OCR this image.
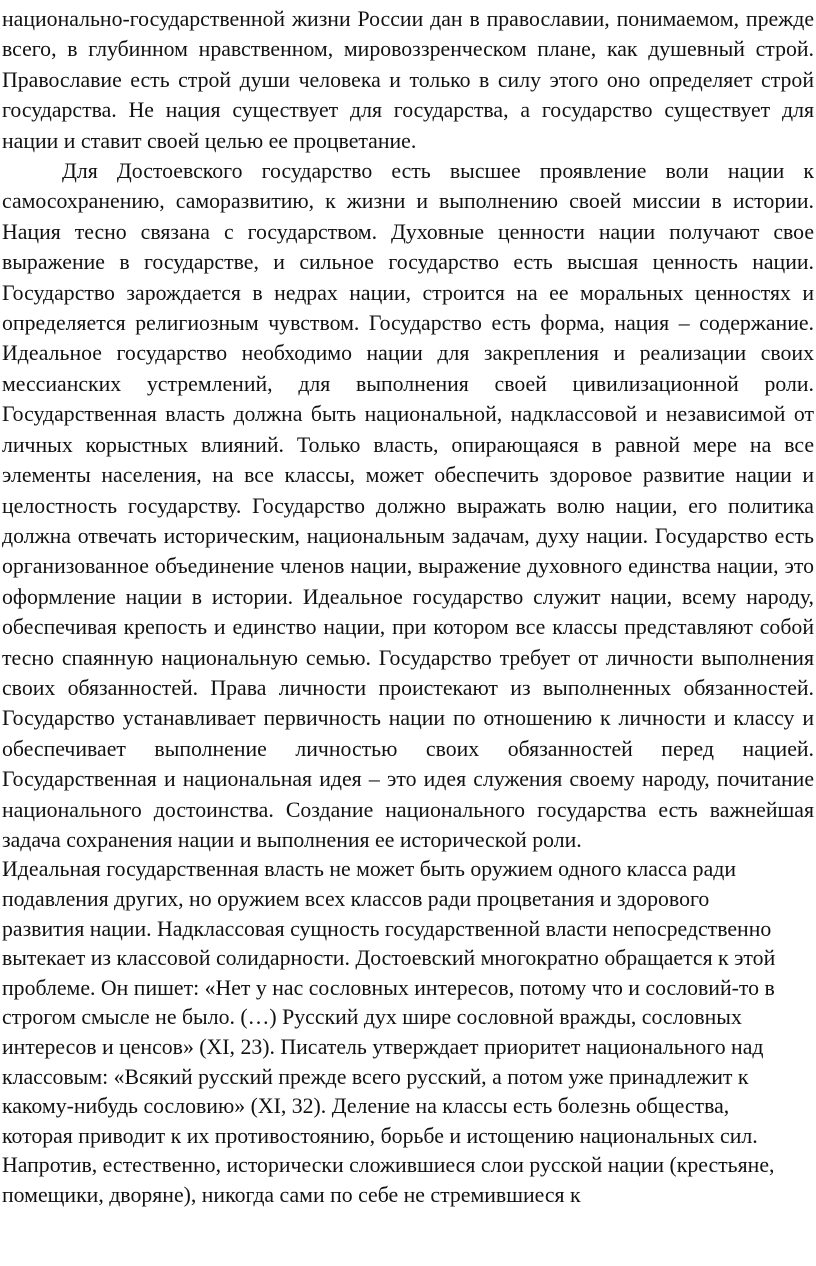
национально-государственной жизни России дан в православии, понимаемом, прежде всего, в глубинном нравственном, мировоззренческом плане, как душевный строй. Православие есть строй души человека и только в силу этого оно определяет строй государства. Не нация существует для государства, а государство существует для нации и ставит своей целью ее процветание.

Для Достоевского государство есть высшее проявление воли нации к самосохранению, саморазвитию, к жизни и выполнению своей миссии в истории. Нация тесно связана с государством. Духовные ценности нации получают свое выражение в государстве, и сильное государство есть высшая ценность нации. Государство зарождается в недрах нации, строится на ее моральных ценностях и определяется религиозным чувством. Государство есть форма, нация – содержание. Идеальное государство необходимо нации для закрепления и реализации своих мессианских устремлений, для выполнения своей цивилизационной роли. Государственная власть должна быть национальной, надклассовой и независимой от личных корыстных влияний. Только власть, опирающаяся в равной мере на все элементы населения, на все классы, может обеспечить здоровое развитие нации и целостность государству. Государство должно выражать волю нации, его политика должна отвечать историческим, национальным задачам, духу нации. Государство есть организованное объединение членов нации, выражение духовного единства нации, это оформление нации в истории. Идеальное государство служит нации, всему народу, обеспечивая крепость и единство нации, при котором все классы представляют собой тесно спаянную национальную семью. Государство требует от личности выполнения своих обязанностей. Права личности проистекают из выполненных обязанностей. Государство устанавливает первичность нации по отношению к личности и классу и обеспечивает выполнение личностью своих обязанностей перед нацией. Государственная и национальная идея – это идея служения своему народу, почитание национального достоинства. Создание национального государства есть важнейшая задача сохранения нации и выполнения ее исторической роли.

Идеальная государственная власть не может быть оружием одного класса ради подавления других, но оружием всех классов ради процветания и здорового развития нации. Надклассовая сущность государственной власти непосредственно вытекает из классовой солидарности. Достоевский многократно обращается к этой проблеме. Он пишет: «Нет у нас сословных интересов, потому что и сословий-то в строгом смысле не было. (…) Русский дух шире сословной вражды, сословных интересов и ценсов» (XI, 23). Писатель утверждает приоритет национального над классовым: «Всякий русский прежде всего русский, а потом уже принадлежит к какому-нибудь сословию» (XI, 32). Деление на классы есть болезнь общества, которая приводит к их противостоянию, борьбе и истощению национальных сил. Напротив, естественно, исторически сложившиеся слои русской нации (крестьяне, помещики, дворяне), никогда сами по себе не стремившиеся к
